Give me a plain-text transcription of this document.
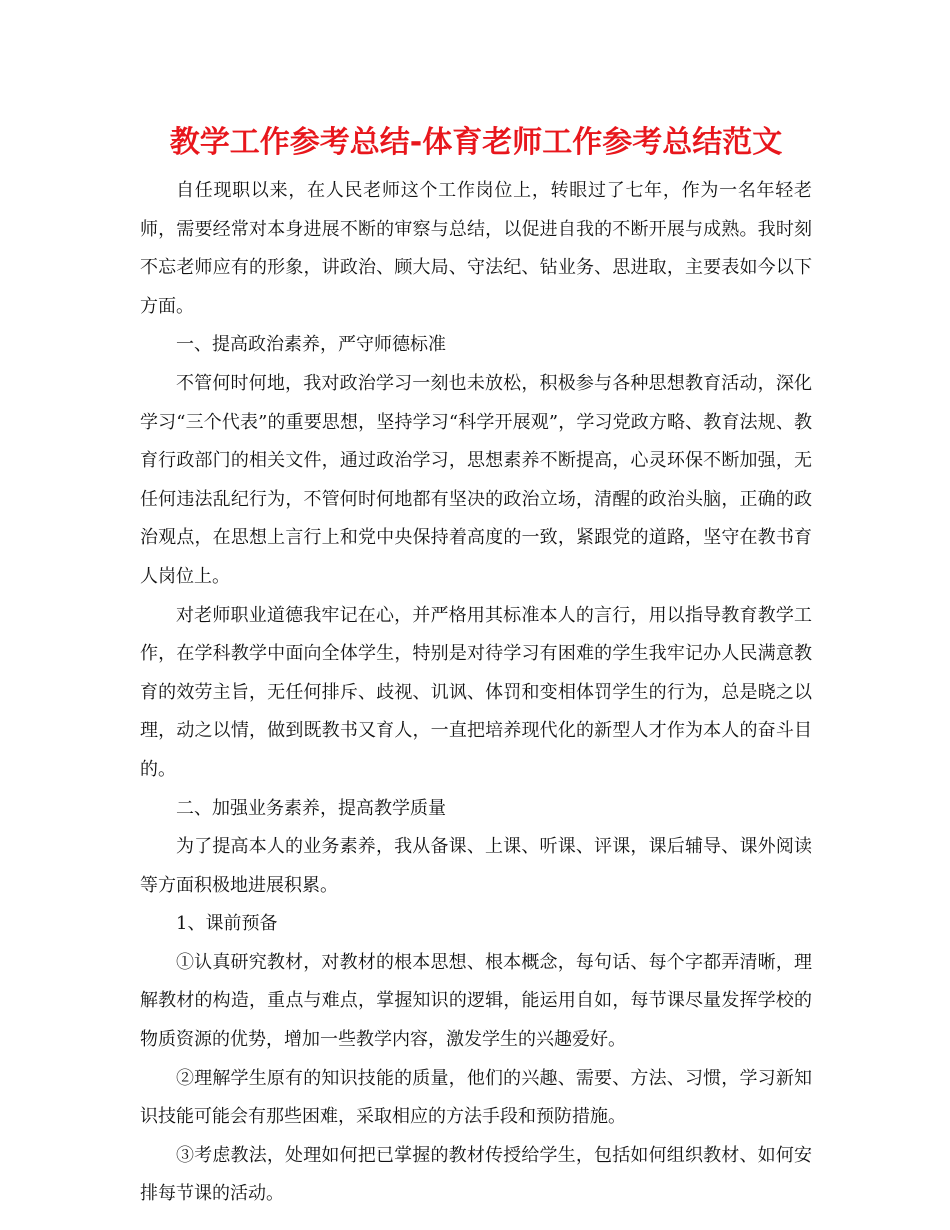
教学工作参考总结-体育老师工作参考总结范文

自任现职以来，在人民老师这个工作岗位上，转眼过了七年，作为一名年轻老师，需要经常对本身进展不断的审察与总结，以促进自我的不断开展与成熟。我时刻不忘老师应有的形象，讲政治、顾大局、守法纪、钻业务、思进取，主要表如今以下方面。

一、提高政治素养，严守师德标准

不管何时何地，我对政治学习一刻也未放松，积极参与各种思想教育活动，深化学习“三个代表”的重要思想，坚持学习“科学开展观”，学习党政方略、教育法规、教育行政部门的相关文件，通过政治学习，思想素养不断提高，心灵环保不断加强，无任何违法乱纪行为，不管何时何地都有坚决的政治立场，清醒的政治头脑，正确的政治观点，在思想上言行上和党中央保持着高度的一致，紧跟党的道路，坚守在教书育人岗位上。

对老师职业道德我牢记在心，并严格用其标准本人的言行，用以指导教育教学工作，在学科教学中面向全体学生，特别是对待学习有困难的学生我牢记办人民满意教育的效劳主旨，无任何排斥、歧视、讥讽、体罚和变相体罚学生的行为，总是晓之以理，动之以情，做到既教书又育人，一直把培养现代化的新型人才作为本人的奋斗目的。

二、加强业务素养，提高教学质量

为了提高本人的业务素养，我从备课、上课、听课、评课，课后辅导、课外阅读等方面积极地进展积累。

1、课前预备

①认真研究教材，对教材的根本思想、根本概念，每句话、每个字都弄清晰，理解教材的构造，重点与难点，掌握知识的逻辑，能运用自如，每节课尽量发挥学校的物质资源的优势，增加一些教学内容，激发学生的兴趣爱好。

②理解学生原有的知识技能的质量，他们的兴趣、需要、方法、习惯，学习新知识技能可能会有那些困难，采取相应的方法手段和预防措施。

③考虑教法，处理如何把已掌握的教材传授给学生，包括如何组织教材、如何安排每节课的活动。
